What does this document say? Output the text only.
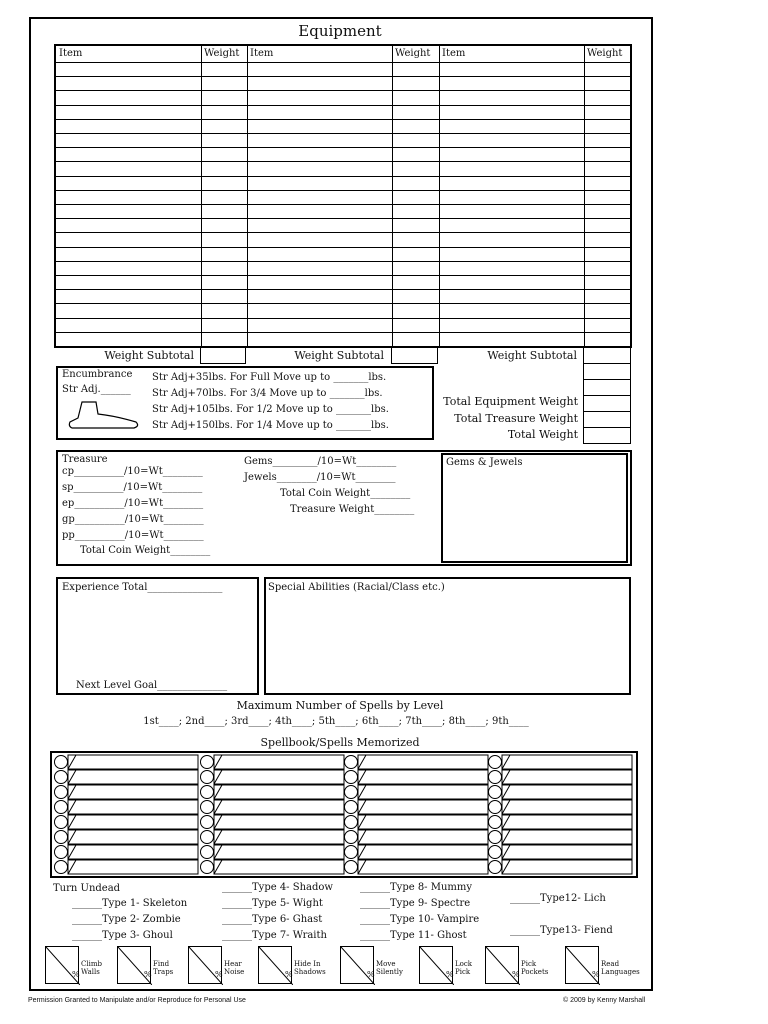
Equipment
Item	Weight Item	Weight Item	Weight
Weight Subtotal	Weight Subtotal	Weight Subtotal
Encumbrance
Str Adj.______
Str Adj+35lbs. For Full Move up to _______lbs.
Str Adj+70lbs. For 3/4 Move up to _______lbs.
Str Adj+105lbs. For 1/2 Move up to _______lbs.
Str Adj+150lbs. For 1/4 Move up to _______lbs.
Total Equipment Weight
Total Treasure Weight
Total Weight
Treasure
cp__________/10=Wt________
sp__________/10=Wt________
ep__________/10=Wt________
gp__________/10=Wt________
pp__________/10=Wt________
Total Coin Weight________
Gems_________/10=Wt________
Jewels________/10=Wt________
Total Coin Weight________
Treasure Weight________
Gems & Jewels
Experience Total_______________
Next Level Goal______________
Special Abilities (Racial/Class etc.)
Maximum Number of Spells by Level
1st____; 2nd____; 3rd____; 4th____; 5th____; 6th____; 7th____; 8th____; 9th____
Spellbook/Spells Memorized
Turn Undead
______Type 1- Skeleton
______Type 2- Zombie
______Type 3- Ghoul
______Type 4- Shadow
______Type 5- Wight
______Type 6- Ghast
______Type 7- Wraith
______Type 8- Mummy
______Type 9- Spectre
______Type 10- Vampire
______Type 11- Ghost
______Type12- Lich
______Type13- Fiend
%
Climb
Walls	%
Find
Traps	%
Hear
Noise	%
Hide In
Shadows	%
Move
Silently	%
Lock
Pick	%
Pick
Pockets	%
Read
Languages
Permission Granted to Manipulate and/or Reproduce for Personal Use	© 2009 by Kenny Marshall
